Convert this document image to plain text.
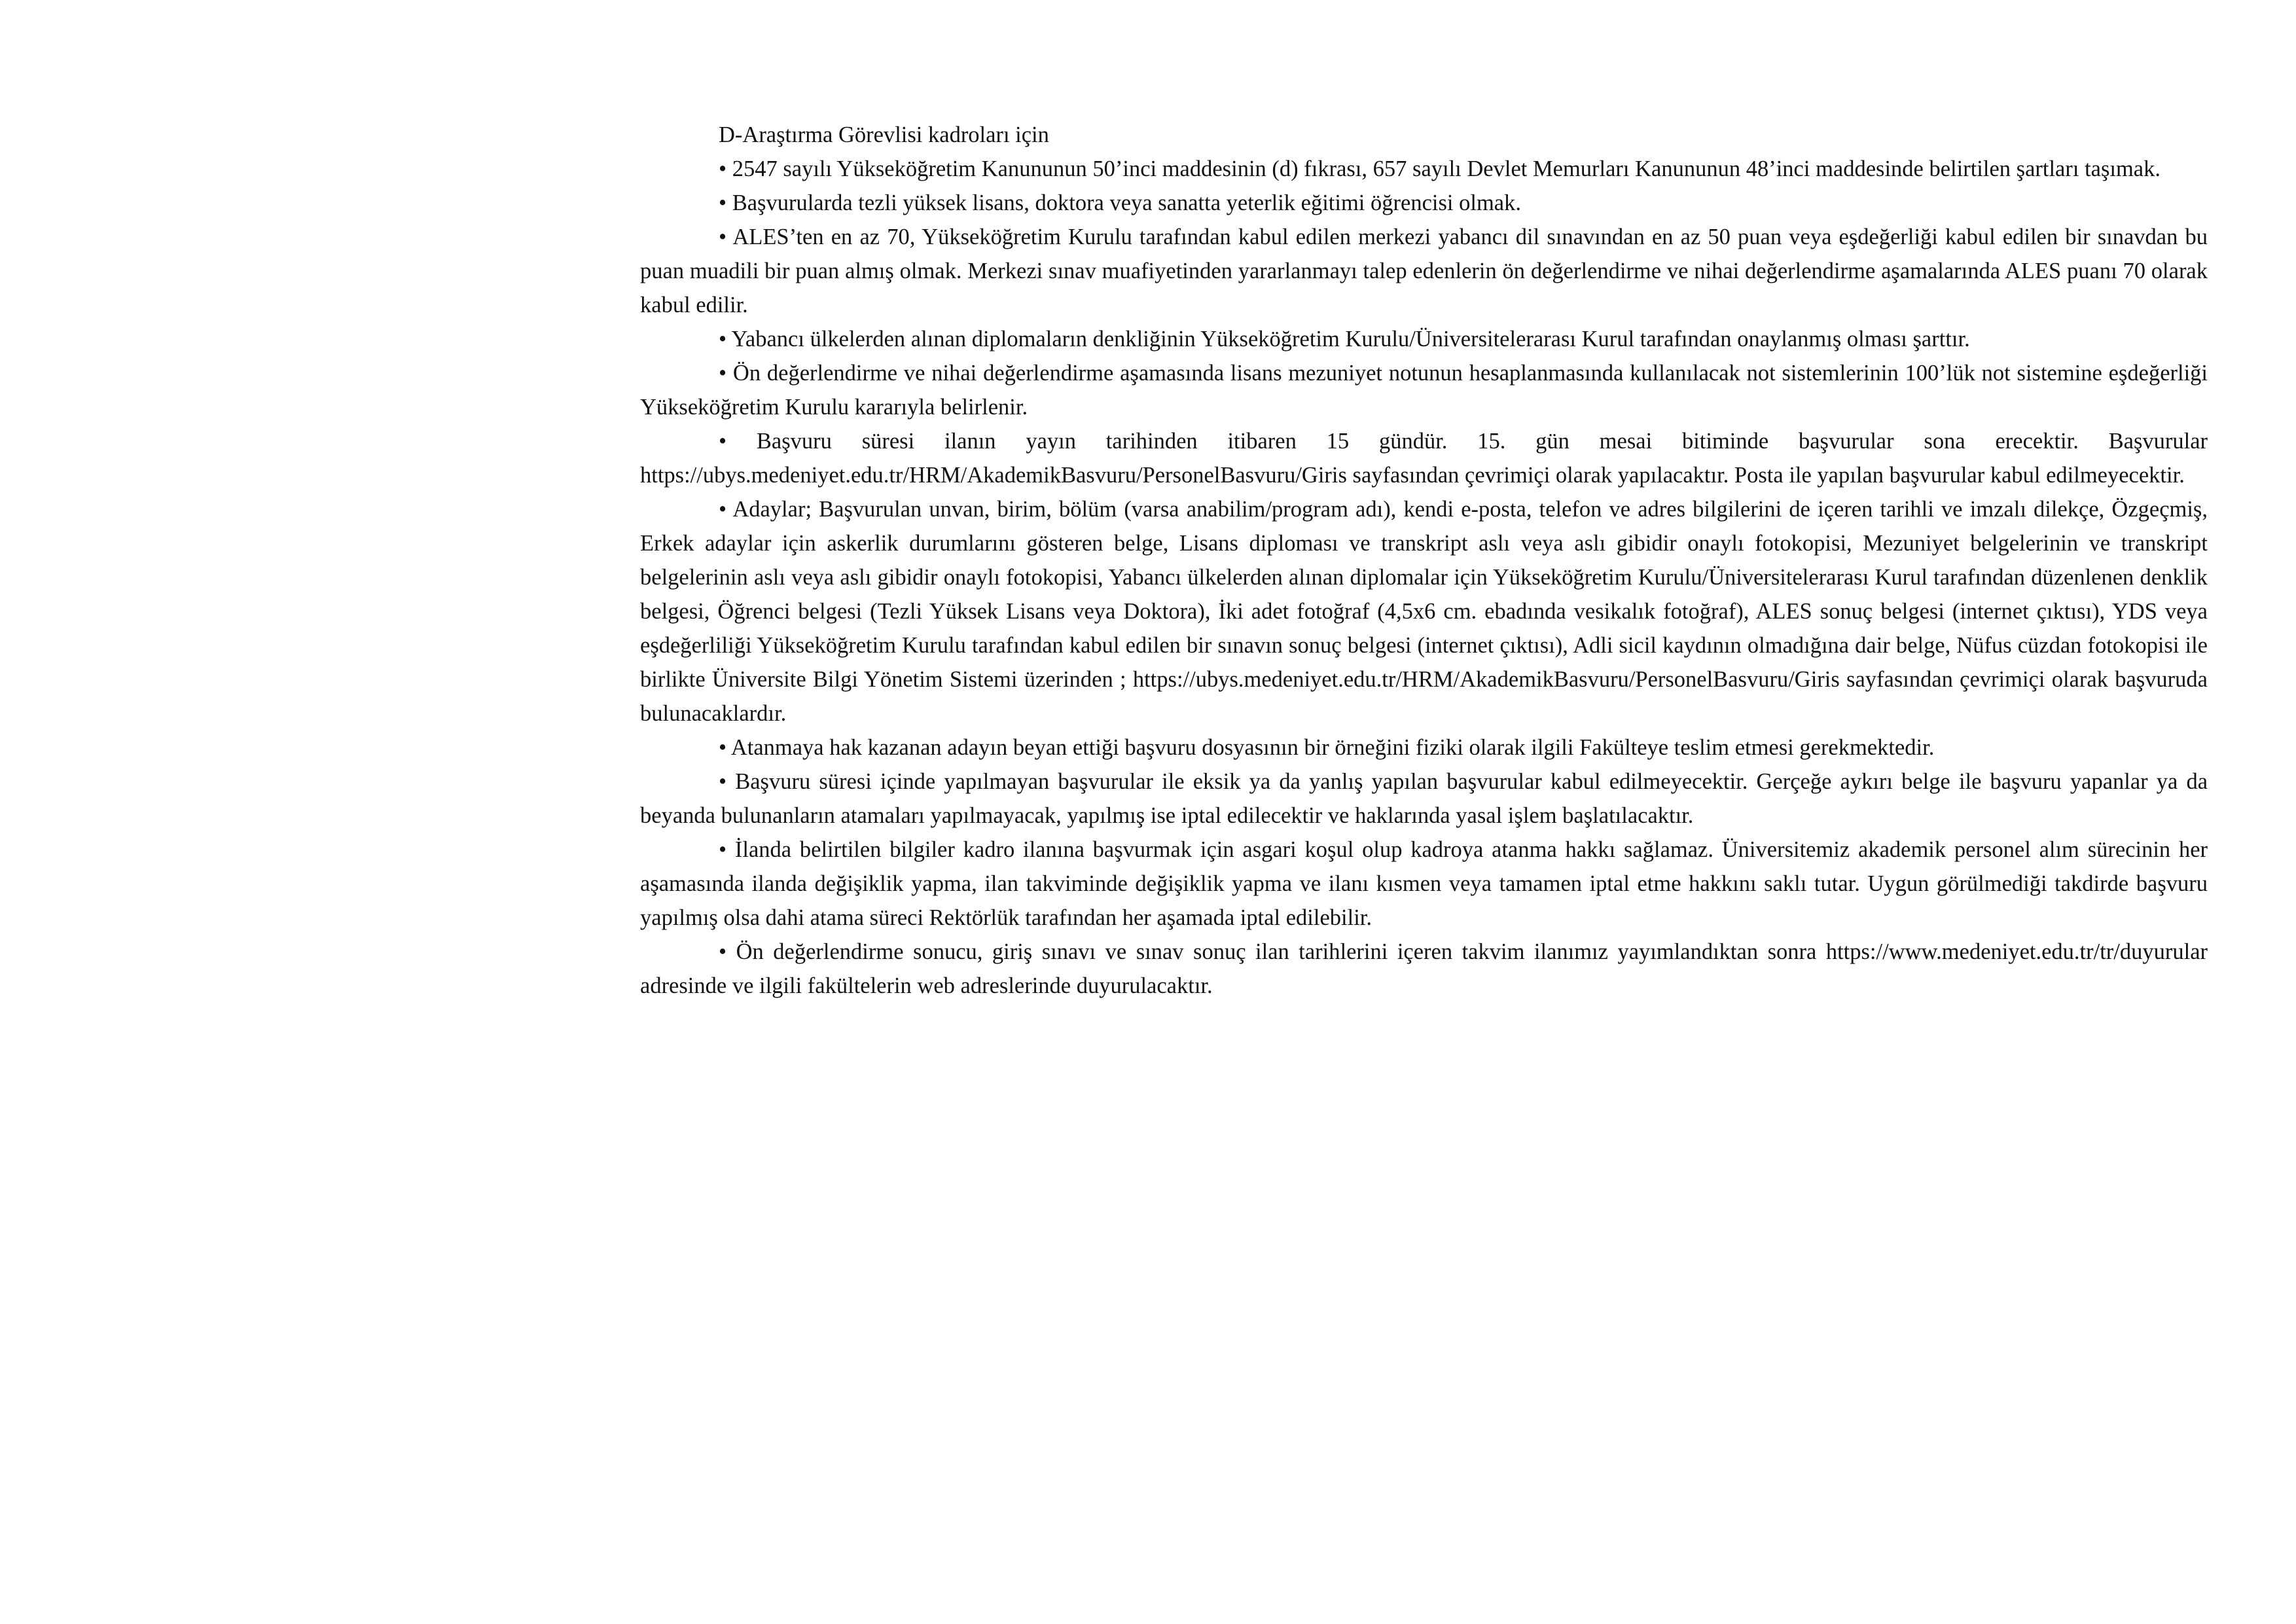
D-Araştırma Görevlisi kadroları için

• 2547 sayılı Yükseköğretim Kanununun 50’inci maddesinin (d) fıkrası, 657 sayılı Devlet Memurları Kanununun 48’inci maddesinde belirtilen şartları taşımak.

• Başvurularda tezli yüksek lisans, doktora veya sanatta yeterlik eğitimi öğrencisi olmak.

• ALES’ten en az 70, Yükseköğretim Kurulu tarafından kabul edilen merkezi yabancı dil sınavından en az 50 puan veya eşdeğerliği kabul edilen bir sınavdan bu puan muadili bir puan almış olmak. Merkezi sınav muafiyetinden yararlanmayı talep edenlerin ön değerlendirme ve nihai değerlendirme aşamalarında ALES puanı 70 olarak kabul edilir.

• Yabancı ülkelerden alınan diplomaların denkliğinin Yükseköğretim Kurulu/Üniversitelerarası Kurul tarafından onaylanmış olması şarttır.

• Ön değerlendirme ve nihai değerlendirme aşamasında lisans mezuniyet notunun hesaplanmasında kullanılacak not sistemlerinin 100’lük not sistemine eşdeğerliği Yükseköğretim Kurulu kararıyla belirlenir.

• Başvuru süresi ilanın yayın tarihinden itibaren 15 gündür. 15. gün mesai bitiminde başvurular sona erecektir. Başvurular https://ubys.medeniyet.edu.tr/HRM/AkademikBasvuru/PersonelBasvuru/Giris sayfasından çevrimiçi olarak yapılacaktır. Posta ile yapılan başvurular kabul edilmeyecektir.

• Adaylar; Başvurulan unvan, birim, bölüm (varsa anabilim/program adı), kendi e-posta, telefon ve adres bilgilerini de içeren tarihli ve imzalı dilekçe, Özgeçmiş, Erkek adaylar için askerlik durumlarını gösteren belge, Lisans diploması ve transkript aslı veya aslı gibidir onaylı fotokopisi, Mezuniyet belgelerinin ve transkript belgelerinin aslı veya aslı gibidir onaylı fotokopisi, Yabancı ülkelerden alınan diplomalar için Yükseköğretim Kurulu/Üniversitelerarası Kurul tarafından düzenlenen denklik belgesi, Öğrenci belgesi (Tezli Yüksek Lisans veya Doktora), İki adet fotoğraf (4,5x6 cm. ebadında vesikalık fotoğraf), ALES sonuç belgesi (internet çıktısı), YDS veya eşdeğerliliği Yükseköğretim Kurulu tarafından kabul edilen bir sınavın sonuç belgesi (internet çıktısı), Adli sicil kaydının olmadığına dair belge, Nüfus cüzdan fotokopisi ile birlikte Üniversite Bilgi Yönetim Sistemi üzerinden ; https://ubys.medeniyet.edu.tr/HRM/AkademikBasvuru/PersonelBasvuru/Giris sayfasından çevrimiçi olarak başvuruda bulunacaklardır.

• Atanmaya hak kazanan adayın beyan ettiği başvuru dosyasının bir örneğini fiziki olarak ilgili Fakülteye teslim etmesi gerekmektedir.

• Başvuru süresi içinde yapılmayan başvurular ile eksik ya da yanlış yapılan başvurular kabul edilmeyecektir. Gerçeğe aykırı belge ile başvuru yapanlar ya da beyanda bulunanların atamaları yapılmayacak, yapılmış ise iptal edilecektir ve haklarında yasal işlem başlatılacaktır.

• İlanda belirtilen bilgiler kadro ilanına başvurmak için asgari koşul olup kadroya atanma hakkı sağlamaz. Üniversitemiz akademik personel alım sürecinin her aşamasında ilanda değişiklik yapma, ilan takviminde değişiklik yapma ve ilanı kısmen veya tamamen iptal etme hakkını saklı tutar. Uygun görülmediği takdirde başvuru yapılmış olsa dahi atama süreci Rektörlük tarafından her aşamada iptal edilebilir.

• Ön değerlendirme sonucu, giriş sınavı ve sınav sonuç ilan tarihlerini içeren takvim ilanımız yayımlandıktan sonra https://www.medeniyet.edu.tr/tr/duyurular adresinde ve ilgili fakültelerin web adreslerinde duyurulacaktır.
